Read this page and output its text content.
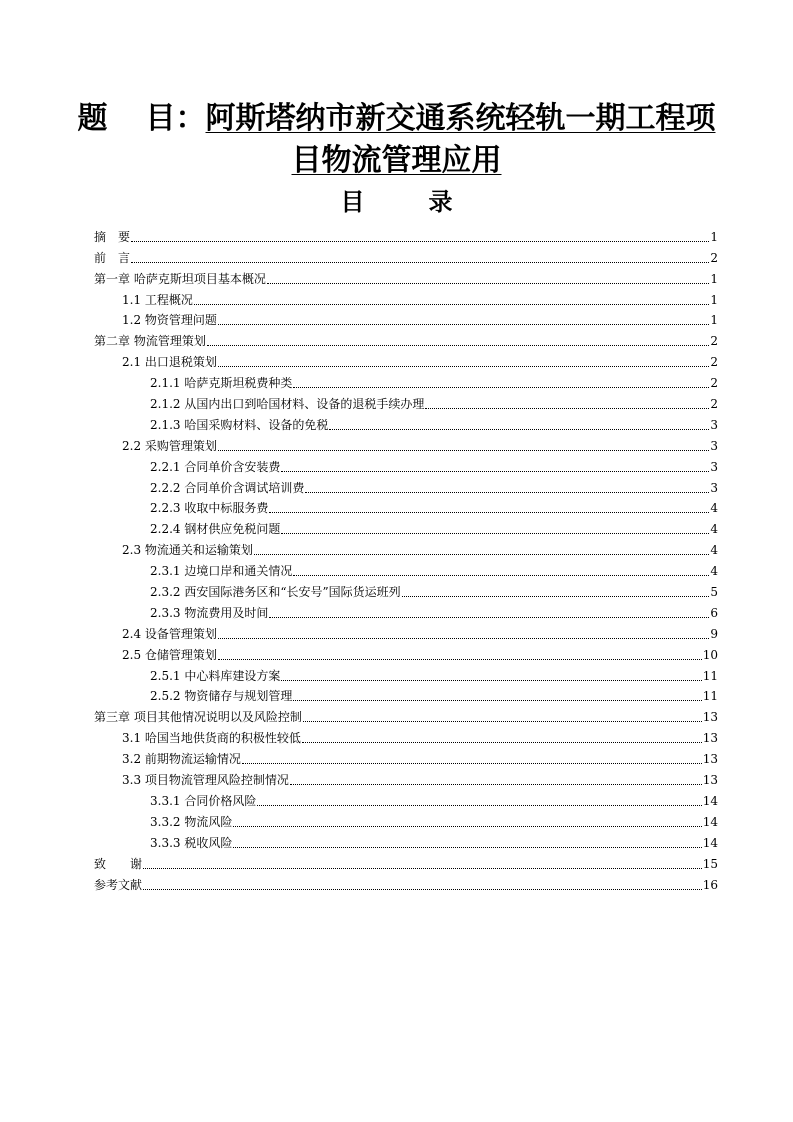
题 目：阿斯塔纳市新交通系统轻轨一期工程项
目物流管理应用
目	录
摘　要	1
前　言	2
第一章 哈萨克斯坦项目基本概况	1
1.1 工程概况	1
1.2 物资管理问题	1
第二章 物流管理策划	2
2.1 出口退税策划	2
2.1.1 哈萨克斯坦税费种类	2
2.1.2 从国内出口到哈国材料、设备的退税手续办理	2
2.1.3 哈国采购材料、设备的免税	3
2.2 采购管理策划	3
2.2.1 合同单价含安装费	3
2.2.2 合同单价含调试培训费	3
2.2.3 收取中标服务费	4
2.2.4 钢材供应免税问题	4
2.3 物流通关和运输策划	4
2.3.1 边境口岸和通关情况	4
2.3.2 西安国际港务区和“长安号”国际货运班列	5
2.3.3 物流费用及时间	6
2.4 设备管理策划	9
2.5 仓储管理策划	10
2.5.1 中心料库建设方案	11
2.5.2 物资储存与规划管理	11
第三章 项目其他情况说明以及风险控制	13
3.1 哈国当地供货商的积极性较低	13
3.2 前期物流运输情况	13
3.3 项目物流管理风险控制情况	13
3.3.1 合同价格风险	14
3.3.2 物流风险	14
3.3.3 税收风险	14
致　　谢	15
参考文献	16
